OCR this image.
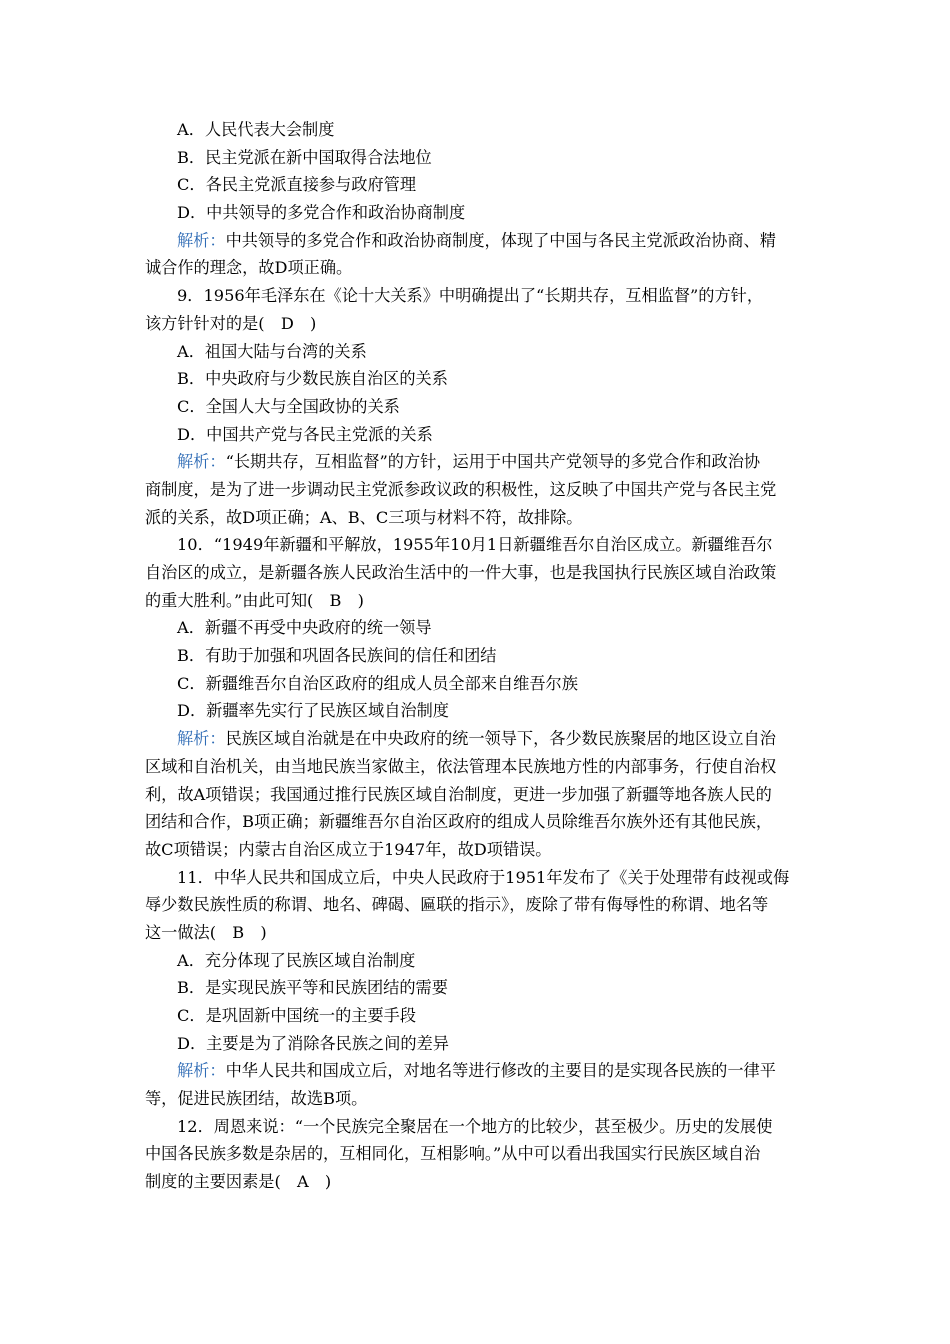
A．人民代表大会制度
B．民主党派在新中国取得合法地位
C．各民主党派直接参与政府管理
D．中共领导的多党合作和政治协商制度
解析：中共领导的多党合作和政治协商制度，体现了中国与各民主党派政治协商、精
诚合作的理念，故D项正确。
9．1956年毛泽东在《论十大关系》中明确提出了“长期共存，互相监督”的方针，
该方针针对的是(　D　)
A．祖国大陆与台湾的关系
B．中央政府与少数民族自治区的关系
C．全国人大与全国政协的关系
D．中国共产党与各民主党派的关系
解析：“长期共存，互相监督”的方针，运用于中国共产党领导的多党合作和政治协
商制度，是为了进一步调动民主党派参政议政的积极性，这反映了中国共产党与各民主党
派的关系，故D项正确；A、B、C三项与材料不符，故排除。
10．“1949年新疆和平解放，1955年10月1日新疆维吾尔自治区成立。新疆维吾尔
自治区的成立，是新疆各族人民政治生活中的一件大事，也是我国执行民族区域自治政策
的重大胜利。”由此可知(　B　)
A．新疆不再受中央政府的统一领导
B．有助于加强和巩固各民族间的信任和团结
C．新疆维吾尔自治区政府的组成人员全部来自维吾尔族
D．新疆率先实行了民族区域自治制度
解析：民族区域自治就是在中央政府的统一领导下，各少数民族聚居的地区设立自治
区域和自治机关，由当地民族当家做主，依法管理本民族地方性的内部事务，行使自治权
利，故A项错误；我国通过推行民族区域自治制度，更进一步加强了新疆等地各族人民的
团结和合作，B项正确；新疆维吾尔自治区政府的组成人员除维吾尔族外还有其他民族，
故C项错误；内蒙古自治区成立于1947年，故D项错误。
11．中华人民共和国成立后，中央人民政府于1951年发布了《关于处理带有歧视或侮
辱少数民族性质的称谓、地名、碑碣、匾联的指示》，废除了带有侮辱性的称谓、地名等
这一做法(　B　)
A．充分体现了民族区域自治制度
B．是实现民族平等和民族团结的需要
C．是巩固新中国统一的主要手段
D．主要是为了消除各民族之间的差异
解析：中华人民共和国成立后，对地名等进行修改的主要目的是实现各民族的一律平
等，促进民族团结，故选B项。
12．周恩来说：“一个民族完全聚居在一个地方的比较少，甚至极少。历史的发展使
中国各民族多数是杂居的，互相同化，互相影响。”从中可以看出我国实行民族区域自治
制度的主要因素是(　A　)
